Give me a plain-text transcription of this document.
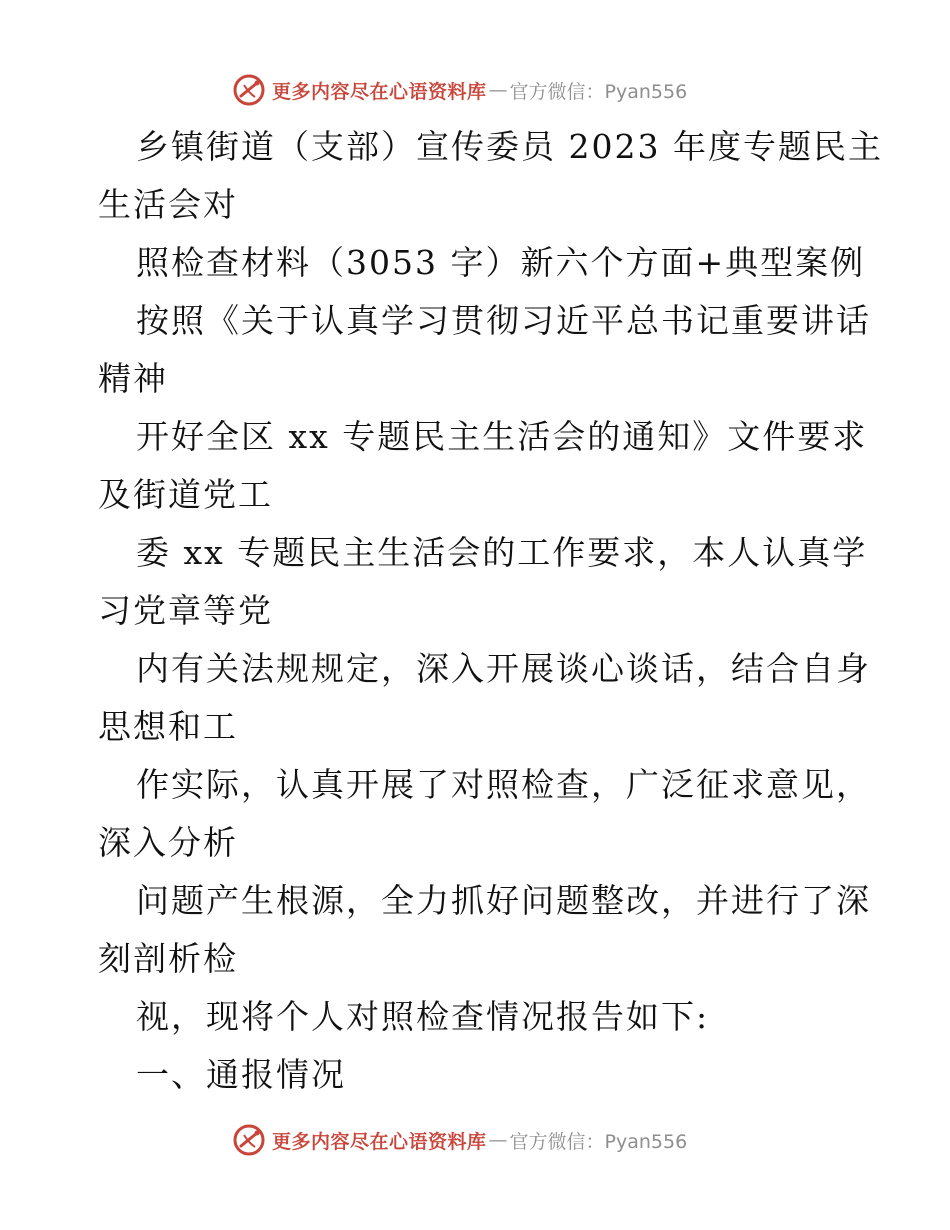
更多内容尽在心语资料库 — 官方微信：Pyan556
乡镇街道（支部）宣传委员 2023 年度专题民主
生活会对
照检查材料（3053 字）新六个方面+典型案例
按照《关于认真学习贯彻习近平总书记重要讲话
精神
开好全区 xx 专题民主生活会的通知》文件要求
及街道党工
委 xx 专题民主生活会的工作要求，本人认真学
习党章等党
内有关法规规定，深入开展谈心谈话，结合自身
思想和工
作实际，认真开展了对照检查，广泛征求意见，
深入分析
问题产生根源，全力抓好问题整改，并进行了深
刻剖析检
视，现将个人对照检查情况报告如下:
一、通报情况
更多内容尽在心语资料库 — 官方微信：Pyan556
